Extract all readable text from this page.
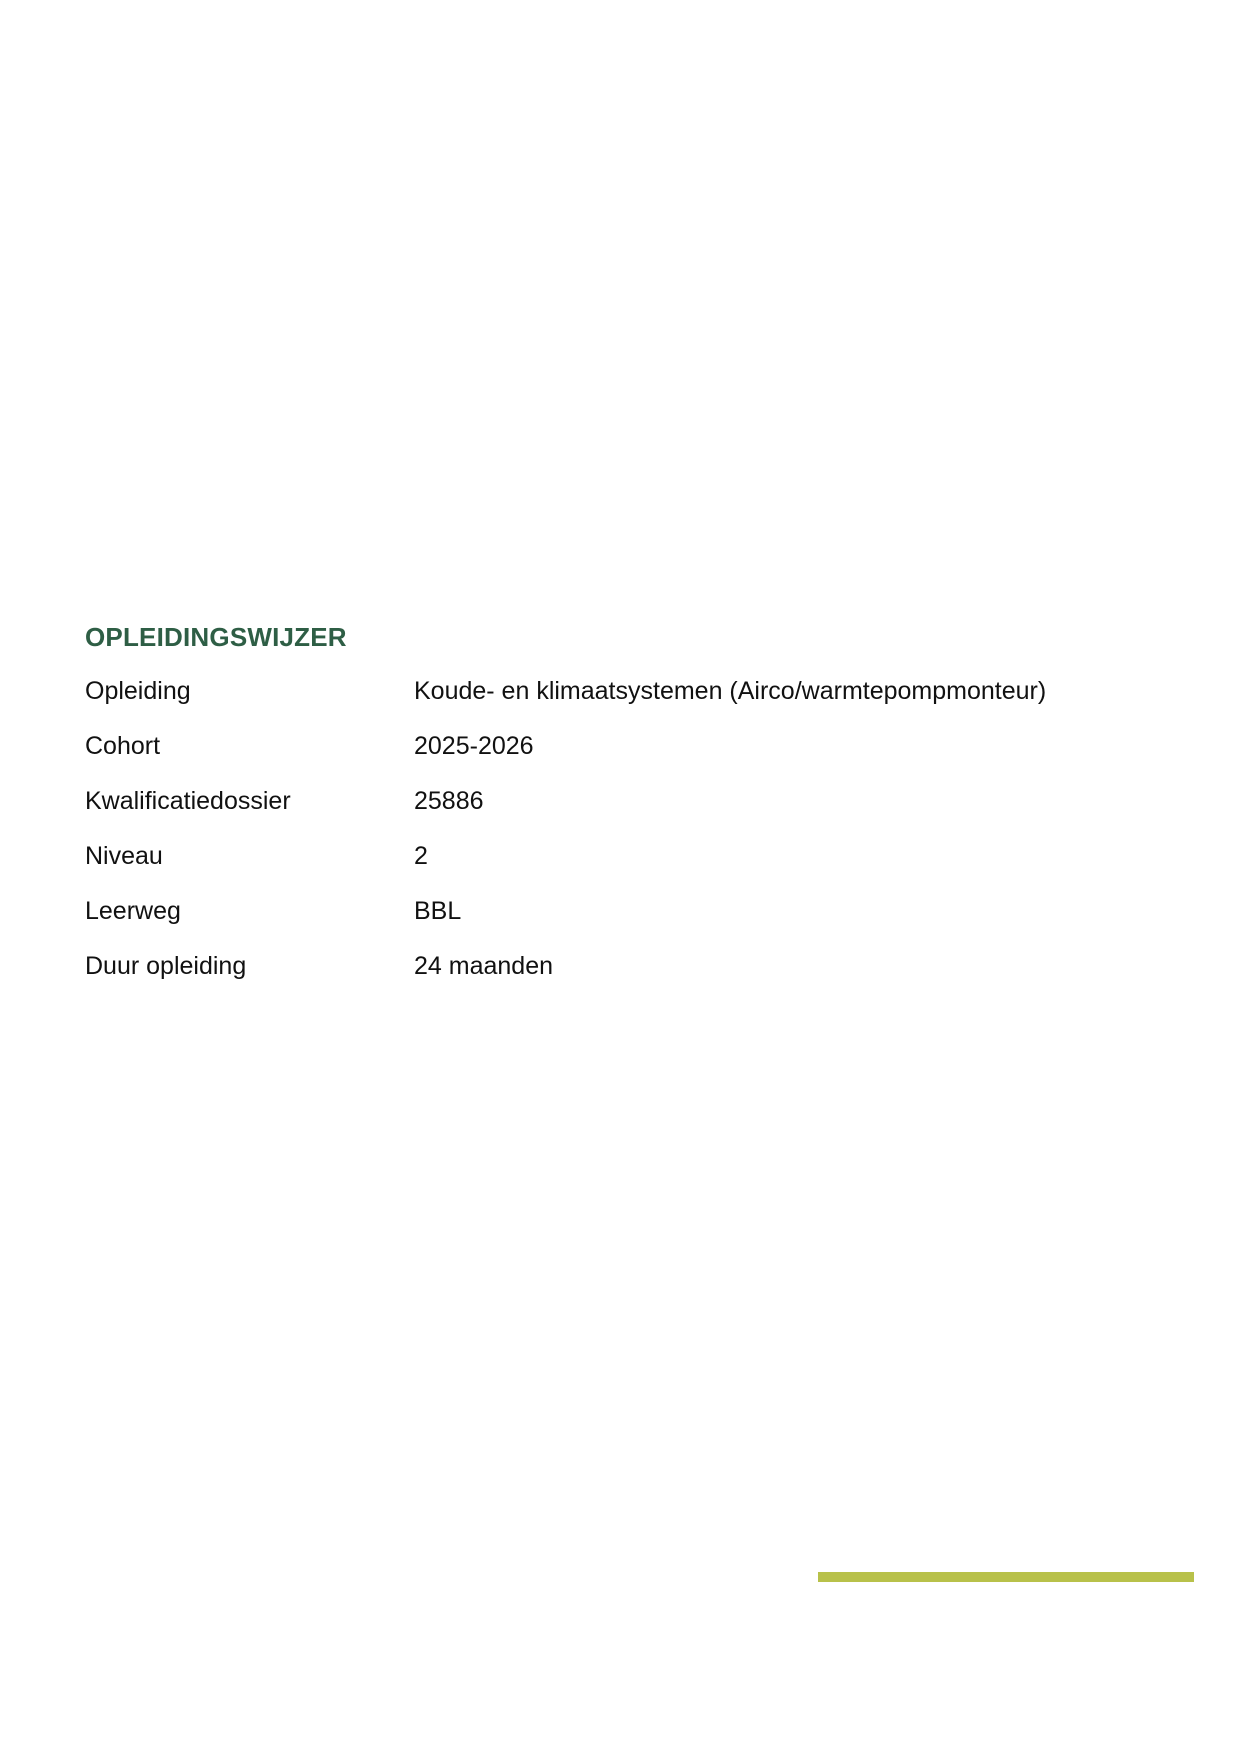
OPLEIDINGSWIJZER
Opleiding	Koude- en klimaatsystemen (Airco/warmtepompmonteur)
Cohort	2025-2026
Kwalificatiedossier	25886
Niveau	2
Leerweg	BBL
Duur opleiding	24 maanden
